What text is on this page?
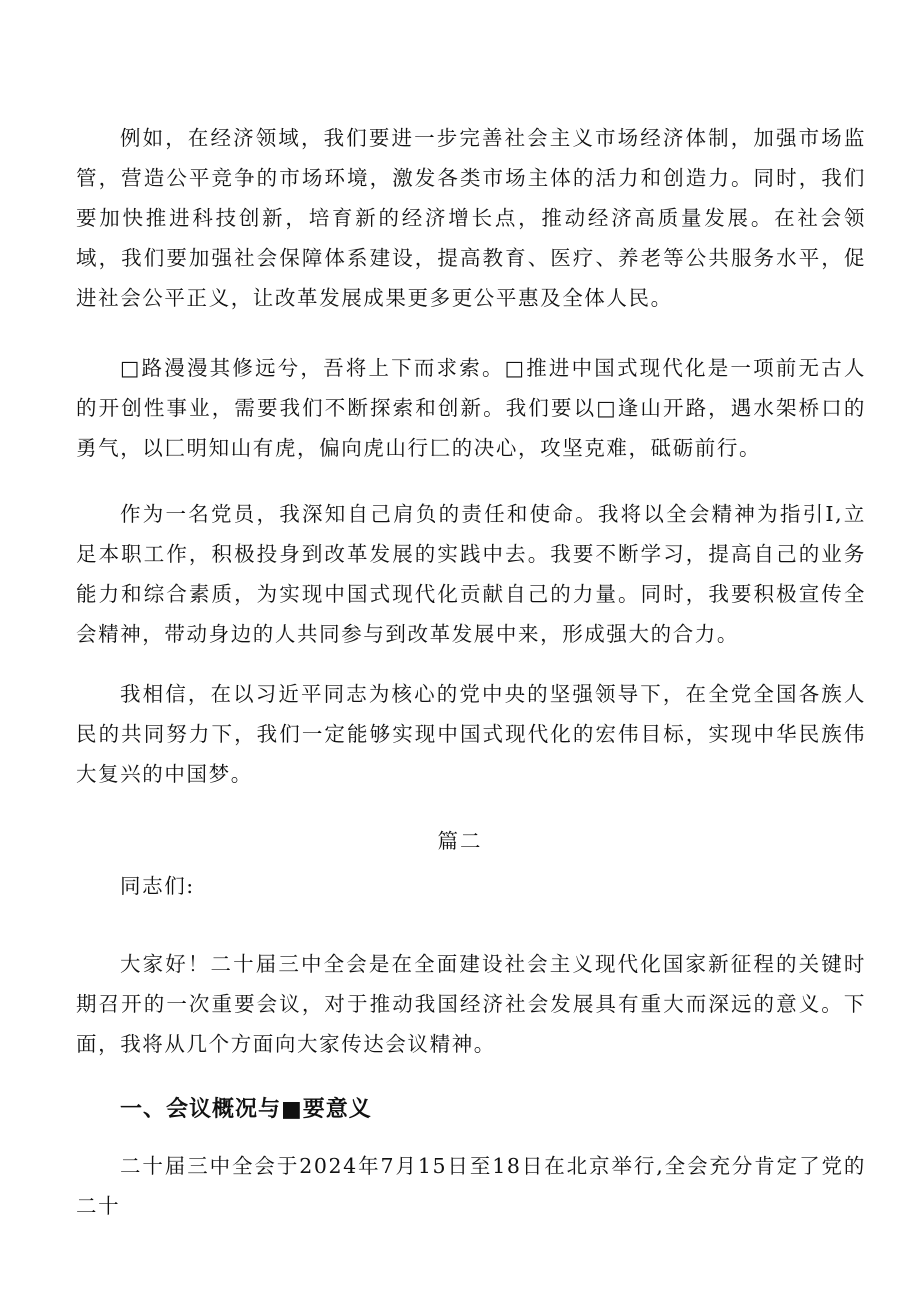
例如，在经济领域，我们要进一步完善社会主义市场经济体制，加强市场监管，营造公平竞争的市场环境，激发各类市场主体的活力和创造力。同时，我们要加快推进科技创新，培育新的经济增长点，推动经济高质量发展。在社会领域，我们要加强社会保障体系建设，提高教育、医疗、养老等公共服务水平，促进社会公平正义，让改革发展成果更多更公平惠及全体人民。

□路漫漫其修远兮，吾将上下而求索。□推进中国式现代化是一项前无古人的开创性事业，需要我们不断探索和创新。我们要以□逢山开路，遇水架桥口的勇气，以匚明知山有虎，偏向虎山行匚的决心，攻坚克难，砥砺前行。

作为一名党员，我深知自己肩负的责任和使命。我将以全会精神为指引I,立足本职工作，积极投身到改革发展的实践中去。我要不断学习，提高自己的业务能力和综合素质，为实现中国式现代化贡献自己的力量。同时，我要积极宣传全会精神，带动身边的人共同参与到改革发展中来，形成强大的合力。

我相信，在以习近平同志为核心的党中央的坚强领导下，在全党全国各族人民的共同努力下，我们一定能够实现中国式现代化的宏伟目标，实现中华民族伟大复兴的中国梦。

篇二

同志们:

大家好！二十届三中全会是在全面建设社会主义现代化国家新征程的关键时期召开的一次重要会议，对于推动我国经济社会发展具有重大而深远的意义。下面，我将从几个方面向大家传达会议精神。

一、会议概况与■要意义

二十届三中全会于2024年7月15日至18日在北京举行,全会充分肯定了党的二十
